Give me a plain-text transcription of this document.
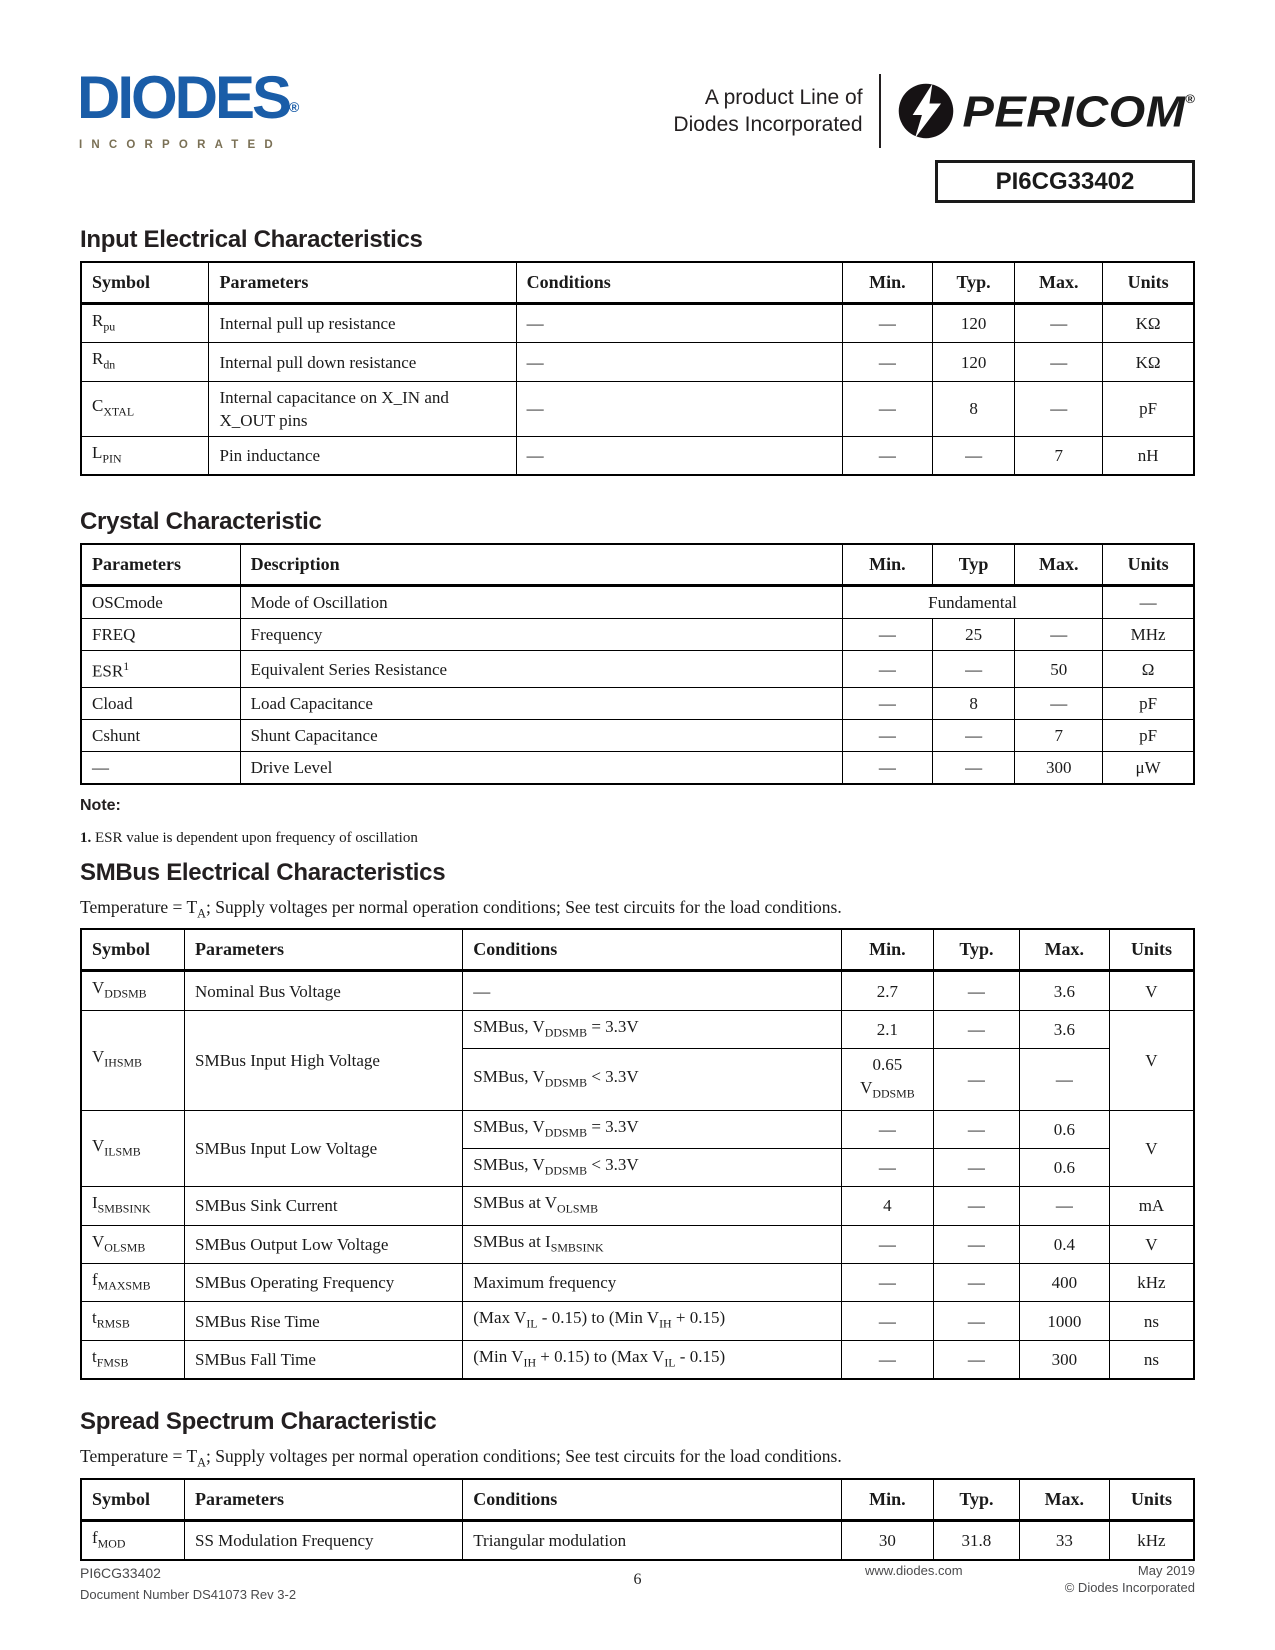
DIODES®
INCORPORATED
A product Line of
Diodes Incorporated PERICOM®
PI6CG33402
Input Electrical Characteristics
Symbol	Parameters	Conditions	Min.	Typ.	Max.	Units
$R_{pu}$	Internal pull up resistance	—	—	120	—	KΩ
$R_{dn}$	Internal pull down resistance	—	—	120	—	KΩ
$C_{XTAL}$	Internal capacitance on X_IN and X_OUT pins	—	—	8	—	pF
$L_{PIN}$	Pin inductance	—	—	—	7	nH
Crystal Characteristic
Parameters	Description	Min.	Typ	Max.	Units
OSCmode	Mode of Oscillation	Fundamental			—
FREQ	Frequency	—	25	—	MHz
ESR$^1$	Equivalent Series Resistance	—	—	50	Ω
Cload	Load Capacitance	—	8	—	pF
Cshunt	Shunt Capacitance	—	—	7	pF
—	Drive Level	—	—	300	μW
Note:
1. ESR value is dependent upon frequency of oscillation
SMBus Electrical Characteristics
Temperature = $T_A$; Supply voltages per normal operation conditions; See test circuits for the load conditions.
Symbol	Parameters	Conditions	Min.	Typ.	Max.	Units
$V_{DDSMB}$	Nominal Bus Voltage	—	2.7	—	3.6	V
$V_{IHSMB}$	SMBus Input High Voltage	SMBus, $V_{DDSMB} = 3.3V$	2.1	—	3.6	V
		SMBus, $V_{DDSMB} < 3.3V$	0.65 $V_{DDSMB}$	—	—	
$V_{ILSMB}$	SMBus Input Low Voltage	SMBus, $V_{DDSMB} = 3.3V$	—	—	0.6	V
		SMBus, $V_{DDSMB} < 3.3V$	—	—	0.6	
$I_{SMBSINK}$	SMBus Sink Current	SMBus at $V_{OLSMB}$	4	—	—	mA
$V_{OLSMB}$	SMBus Output Low Voltage	SMBus at $I_{SMBSINK}$	—	—	0.4	V
$f_{MAXSMB}$	SMBus Operating Frequency	Maximum frequency	—	—	400	kHz
$t_{RMSB}$	SMBus Rise Time	(Max $V_{IL} - 0.15$) to (Min $V_{IH} + 0.15$)	—	—	1000	ns
$t_{FMSB}$	SMBus Fall Time	(Min $V_{IH} + 0.15$) to (Max $V_{IL} - 0.15$)	—	—	300	ns
Spread Spectrum Characteristic
Temperature = $T_A$; Supply voltages per normal operation conditions; See test circuits for the load conditions.
Symbol	Parameters	Conditions	Min.	Typ.	Max.	Units
$f_{MOD}$	SS Modulation Frequency	Triangular modulation	30	31.8	33	kHz
PI6CG33402
Document Number DS41073 Rev 3-2
6
www.diodes.com	May 2019
© Diodes Incorporated
